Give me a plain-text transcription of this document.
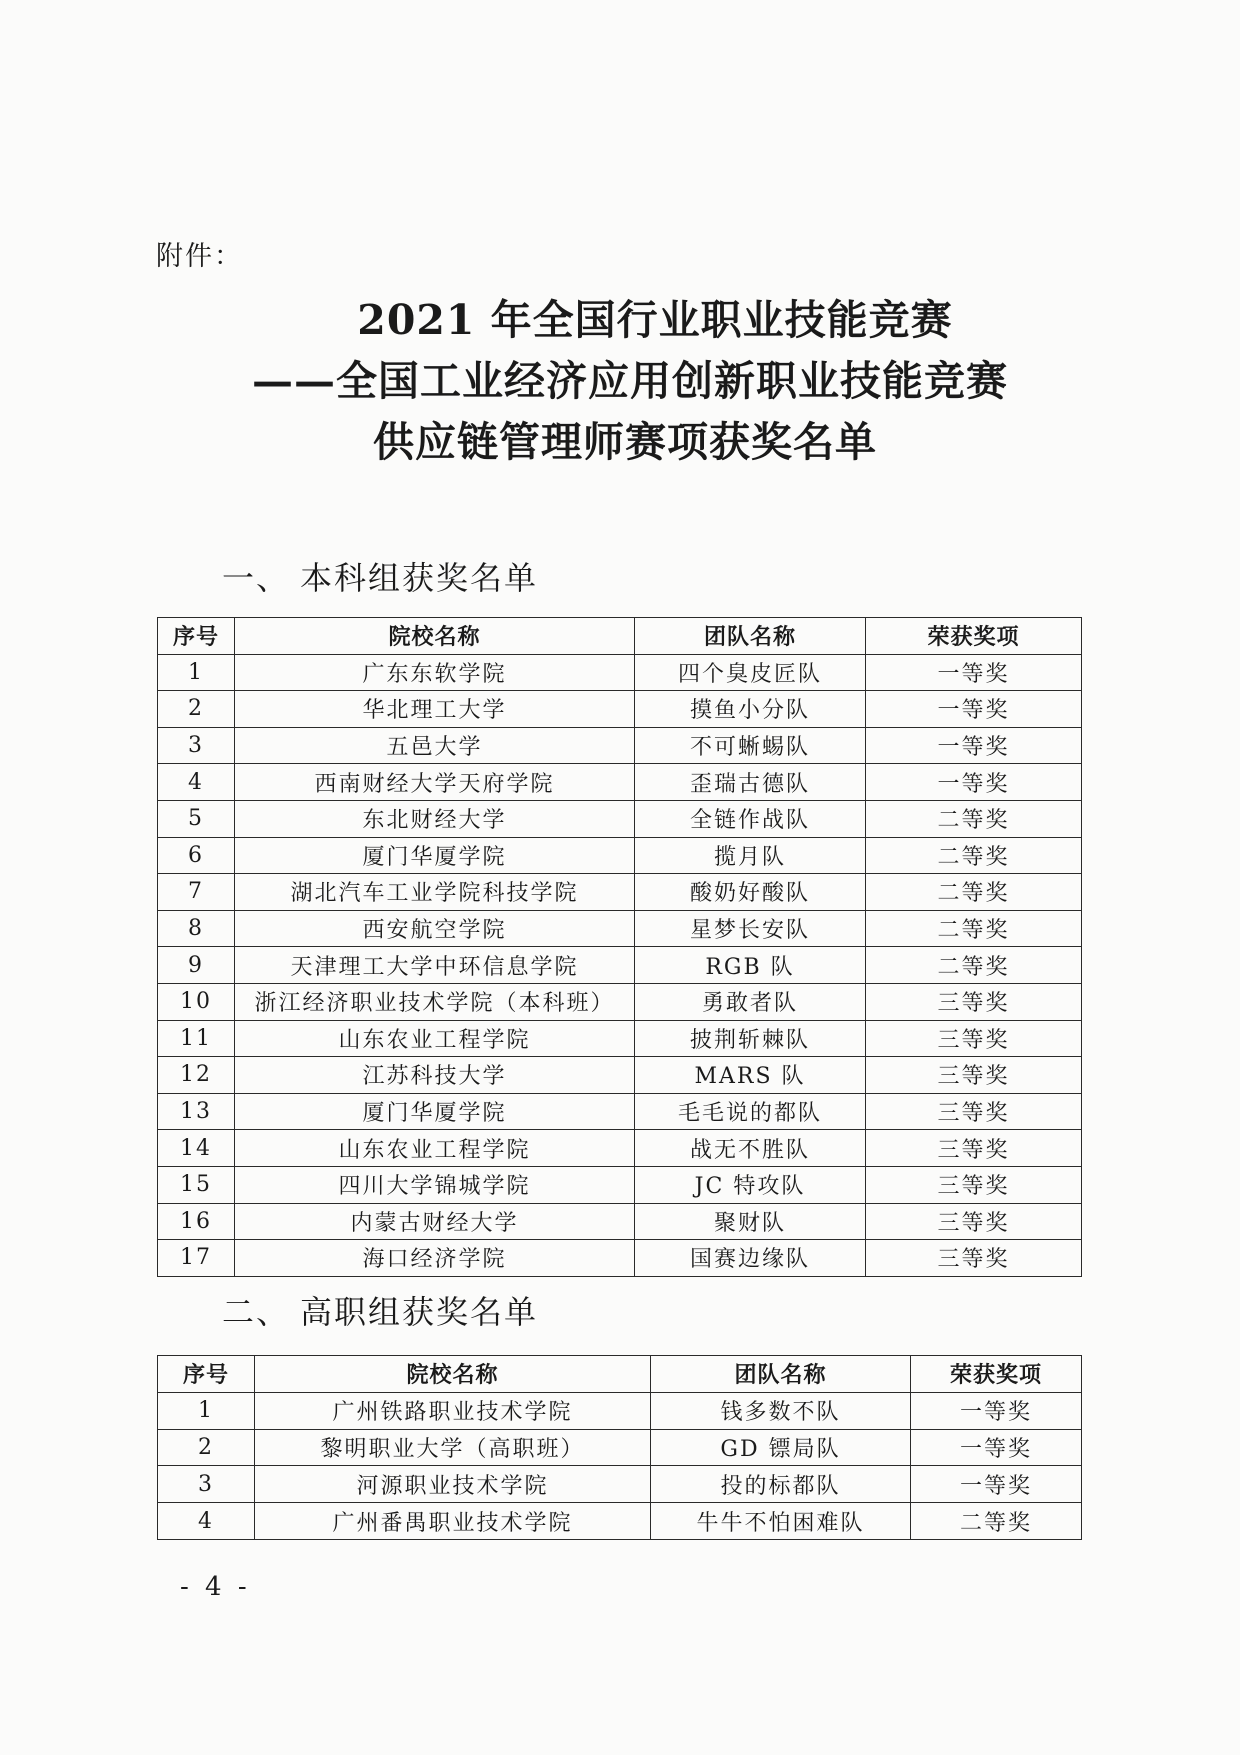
附件：
2021 年全国行业职业技能竞赛
——全国工业经济应用创新职业技能竞赛
供应链管理师赛项获奖名单
一、 本科组获奖名单
序号	院校名称	团队名称	荣获奖项
1	广东东软学院	四个臭皮匠队	一等奖
2	华北理工大学	摸鱼小分队	一等奖
3	五邑大学	不可蜥蜴队	一等奖
4	西南财经大学天府学院	歪瑞古德队	一等奖
5	东北财经大学	全链作战队	二等奖
6	厦门华厦学院	揽月队	二等奖
7	湖北汽车工业学院科技学院	酸奶好酸队	二等奖
8	西安航空学院	星梦长安队	二等奖
9	天津理工大学中环信息学院	RGB 队	二等奖
10	浙江经济职业技术学院（本科班）	勇敢者队	三等奖
11	山东农业工程学院	披荆斩棘队	三等奖
12	江苏科技大学	MARS 队	三等奖
13	厦门华厦学院	毛毛说的都队	三等奖
14	山东农业工程学院	战无不胜队	三等奖
15	四川大学锦城学院	JC 特攻队	三等奖
16	内蒙古财经大学	聚财队	三等奖
17	海口经济学院	国赛边缘队	三等奖
二、 高职组获奖名单
序号	院校名称	团队名称	荣获奖项
1	广州铁路职业技术学院	钱多数不队	一等奖
2	黎明职业大学（高职班）	GD 镖局队	一等奖
3	河源职业技术学院	投的标都队	一等奖
4	广州番禺职业技术学院	牛牛不怕困难队	二等奖
- 4 -
